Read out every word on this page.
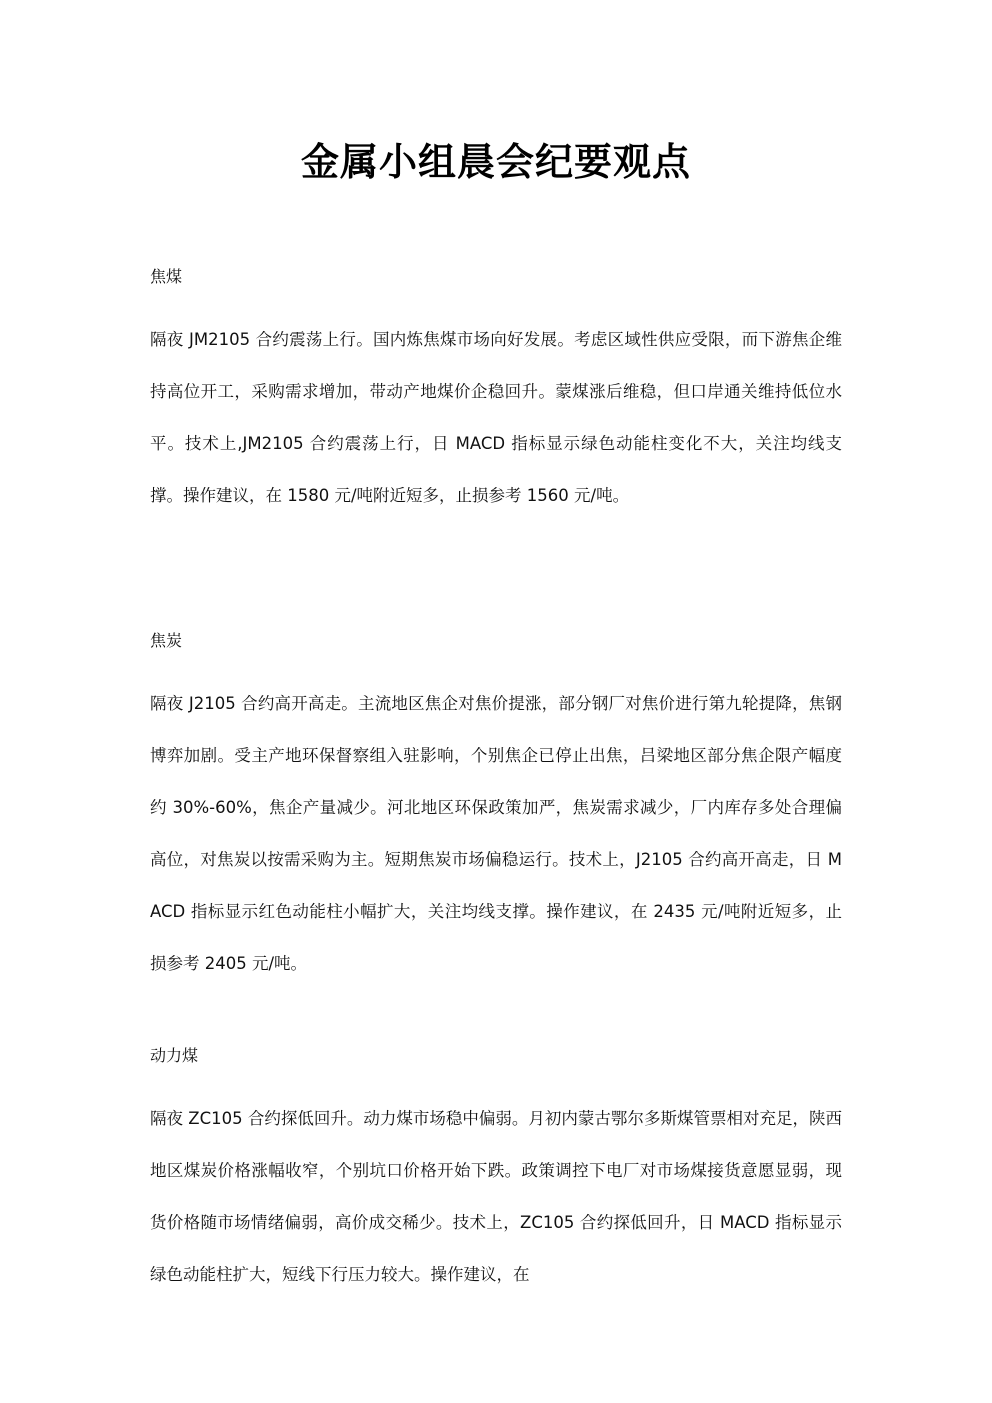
金属小组晨会纪要观点
焦煤

隔夜 JM2105 合约震荡上行。国内炼焦煤市场向好发展。考虑区域性供应受限，而下游焦企维持高位开工，采购需求增加，带动产地煤价企稳回升。蒙煤涨后维稳，但口岸通关维持低位水平。技术上,JM2105 合约震荡上行，日 MACD 指标显示绿色动能柱变化不大，关注均线支撑。操作建议，在 1580 元/吨附近短多，止损参考 1560 元/吨。

焦炭

隔夜 J2105 合约高开高走。主流地区焦企对焦价提涨，部分钢厂对焦价进行第九轮提降，焦钢博弈加剧。受主产地环保督察组入驻影响，个别焦企已停止出焦，吕梁地区部分焦企限产幅度约 30%-60%，焦企产量减少。河北地区环保政策加严，焦炭需求减少，厂内库存多处合理偏高位，对焦炭以按需采购为主。短期焦炭市场偏稳运行。技术上，J2105 合约高开高走，日 MACD 指标显示红色动能柱小幅扩大，关注均线支撑。操作建议，在 2435 元/吨附近短多，止损参考 2405 元/吨。

动力煤

隔夜 ZC105 合约探低回升。动力煤市场稳中偏弱。月初内蒙古鄂尔多斯煤管票相对充足，陕西地区煤炭价格涨幅收窄，个别坑口价格开始下跌。政策调控下电厂对市场煤接货意愿显弱，现货价格随市场情绪偏弱，高价成交稀少。技术上，ZC105 合约探低回升，日 MACD 指标显示绿色动能柱扩大，短线下行压力较大。操作建议，在
